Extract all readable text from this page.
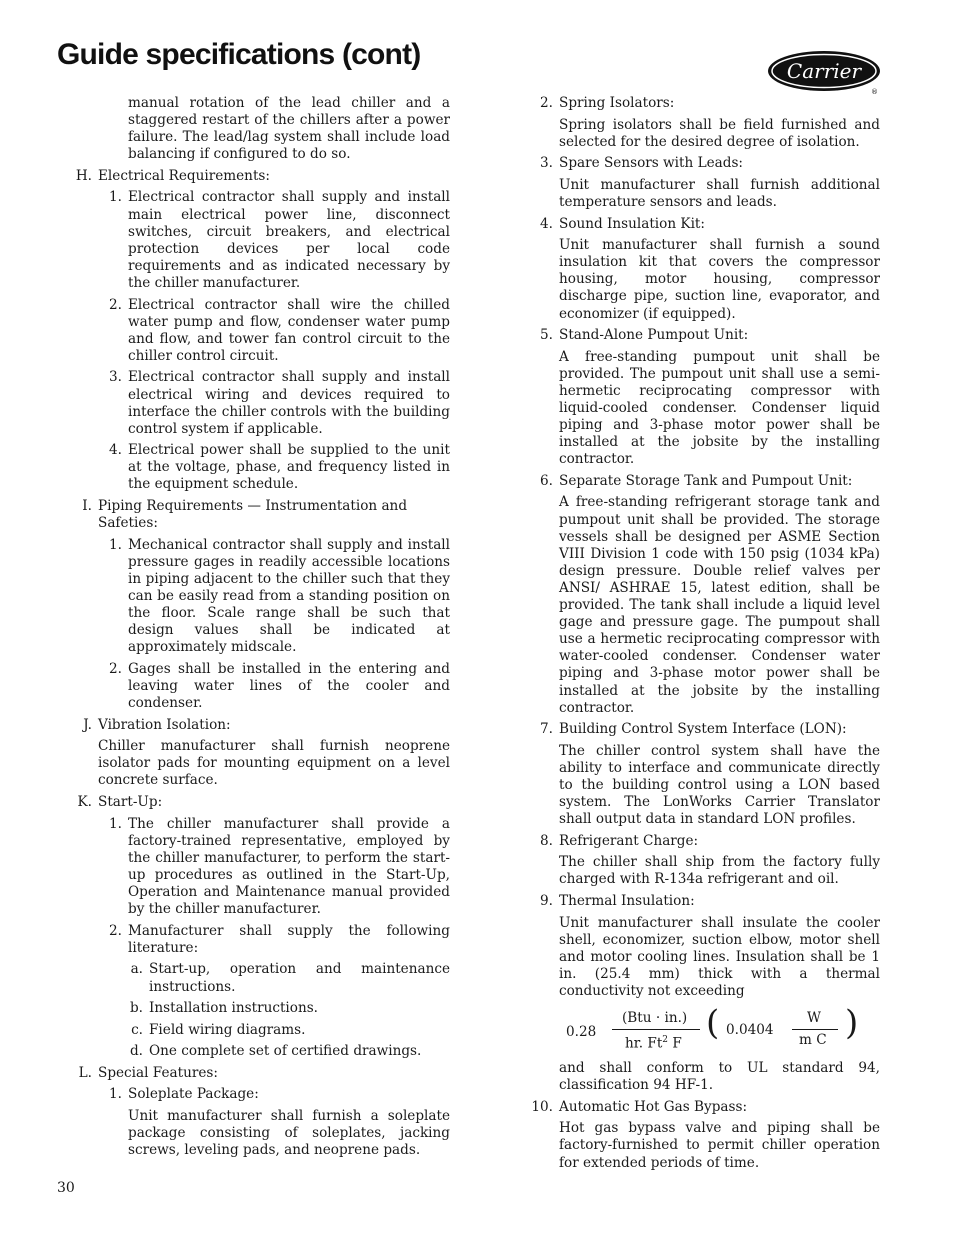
Guide specifications (cont)	Carrier
®
manual rotation of the lead chiller and a staggered restart of the chillers after a power failure. The lead/lag system shall include load balancing if configured to do so.
H. Electrical Requirements:
1. Electrical contractor shall supply and install main electrical power line, disconnect switches, circuit breakers, and electrical protection devices per local code requirements and as indicated necessary by the chiller manufacturer.
2. Electrical contractor shall wire the chilled water pump and flow, condenser water pump and flow, and tower fan control circuit to the chiller control circuit.
3. Electrical contractor shall supply and install electrical wiring and devices required to interface the chiller controls with the building control system if applicable.
4. Electrical power shall be supplied to the unit at the voltage, phase, and frequency listed in the equipment schedule.
I. Piping Requirements — Instrumentation and Safeties:
1. Mechanical contractor shall supply and install pressure gages in readily accessible locations in piping adjacent to the chiller such that they can be easily read from a standing position on the floor. Scale range shall be such that design values shall be indicated at approximately midscale.
2. Gages shall be installed in the entering and leaving water lines of the cooler and condenser.
J. Vibration Isolation:
Chiller manufacturer shall furnish neoprene isolator pads for mounting equipment on a level concrete surface.
K. Start-Up:
1. The chiller manufacturer shall provide a factory-trained representative, employed by the chiller manufacturer, to perform the start-up procedures as outlined in the Start-Up, Operation and Maintenance manual provided by the chiller manufacturer.
2. Manufacturer shall supply the following literature:
a. Start-up, operation and maintenance instructions.
b. Installation instructions.
c. Field wiring diagrams.
d. One complete set of certified drawings.
L. Special Features:
1. Soleplate Package:
Unit manufacturer shall furnish a soleplate package consisting of soleplates, jacking screws, leveling pads, and neoprene pads.
2. Spring Isolators:
Spring isolators shall be field furnished and selected for the desired degree of isolation.
3. Spare Sensors with Leads:
Unit manufacturer shall furnish additional temperature sensors and leads.
4. Sound Insulation Kit:
Unit manufacturer shall furnish a sound insulation kit that covers the compressor housing, motor housing, compressor discharge pipe, suction line, evaporator, and economizer (if equipped).
5. Stand-Alone Pumpout Unit:
A free-standing pumpout unit shall be provided. The pumpout unit shall use a semi-hermetic reciprocating compressor with liquid-cooled condenser. Condenser liquid piping and 3-phase motor power shall be installed at the jobsite by the installing contractor.
6. Separate Storage Tank and Pumpout Unit:
A free-standing refrigerant storage tank and pumpout unit shall be provided. The storage vessels shall be designed per ASME Section VIII Division 1 code with 150 psig (1034 kPa) design pressure. Double relief valves per ANSI/ ASHRAE 15, latest edition, shall be provided. The tank shall include a liquid level gage and pressure gage. The pumpout shall use a hermetic reciprocating compressor with water-cooled condenser. Condenser water piping and 3-phase motor power shall be installed at the jobsite by the installing contractor.
7. Building Control System Interface (LON):
The chiller control system shall have the ability to interface and communicate directly to the building control using a LON based system. The LonWorks Carrier Translator shall output data in standard LON profiles.
8. Refrigerant Charge:
The chiller shall ship from the factory fully charged with R-134a refrigerant and oil.
9. Thermal Insulation:
Unit manufacturer shall insulate the cooler shell, economizer, suction elbow, motor shell and motor cooling lines. Insulation shall be 1 in. (25.4 mm) thick with a thermal conductivity not exceeding
0.28
(Btu · in.)
hr. Ft$^2$ F
( 0.0404
W
m C )
and shall conform to UL standard 94, classification 94 HF-1.
10. Automatic Hot Gas Bypass:
Hot gas bypass valve and piping shall be factory-furnished to permit chiller operation for extended periods of time.
30
